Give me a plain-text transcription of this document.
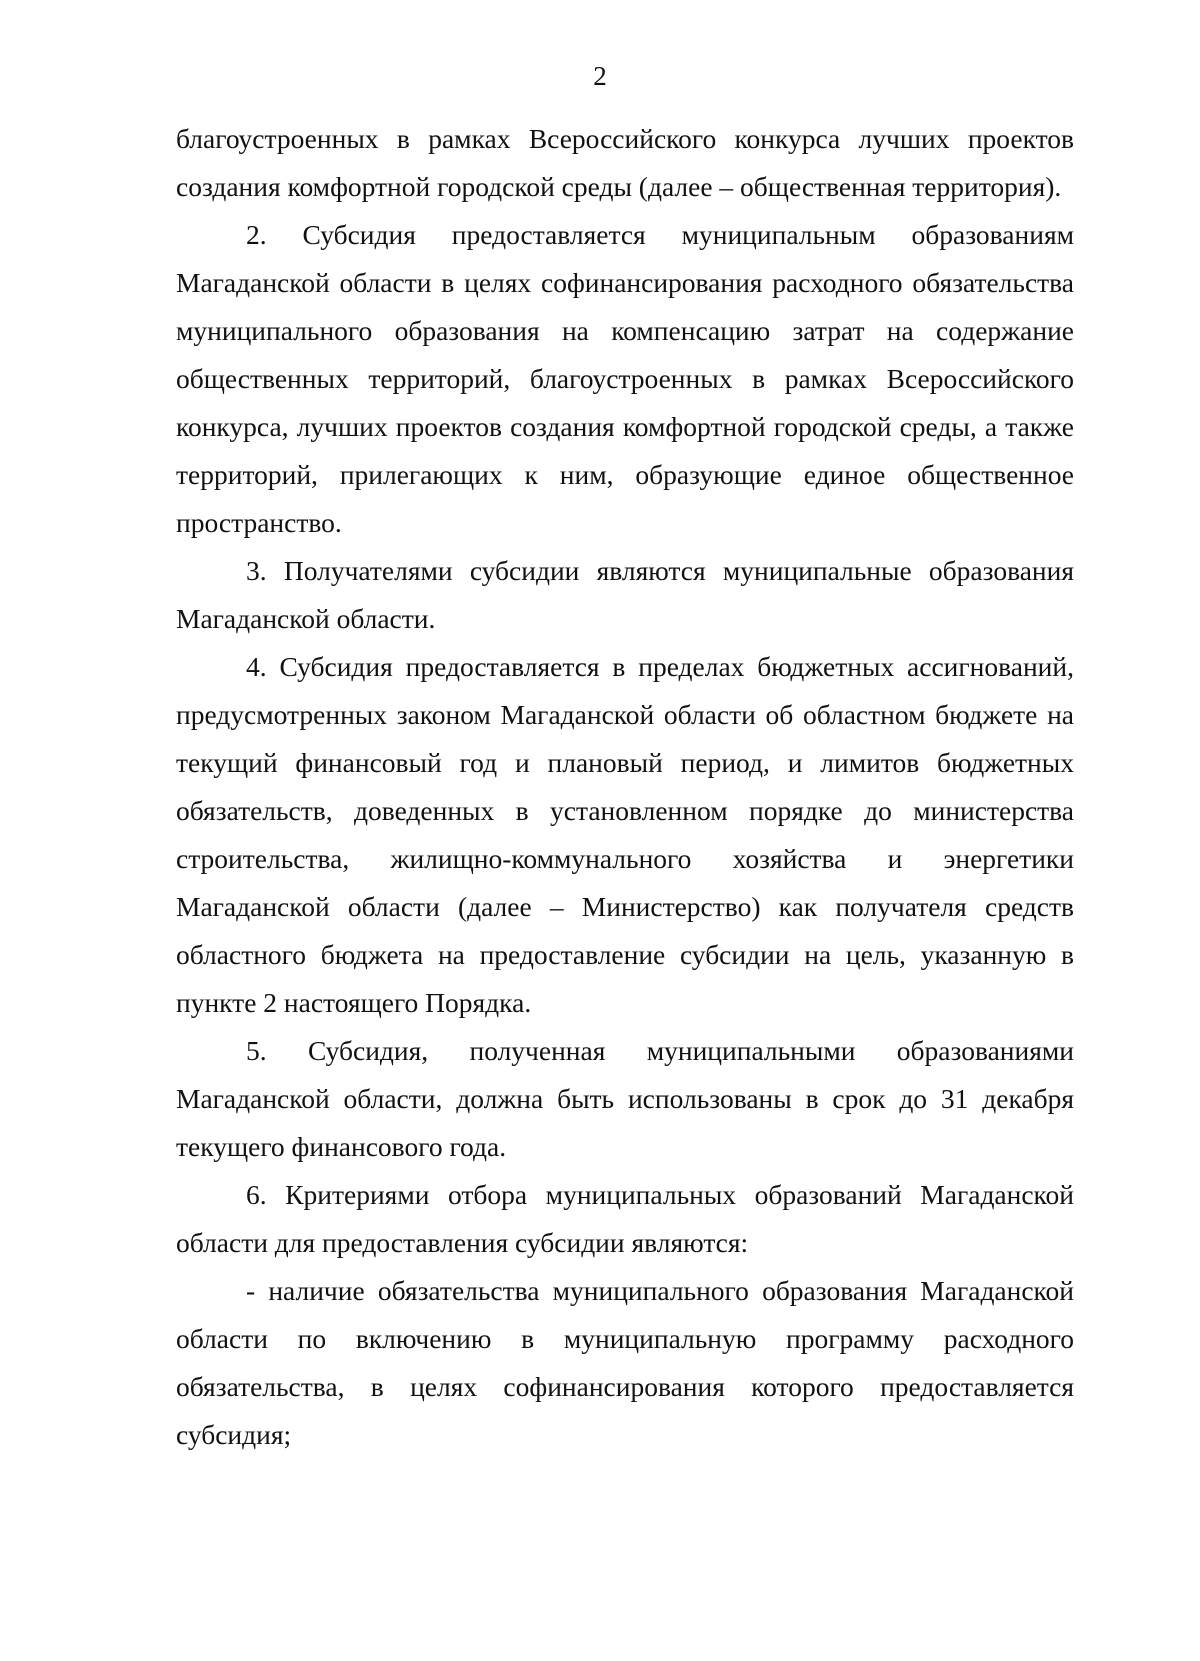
2

благоустроенных в рамках Всероссийского конкурса лучших проектов создания комфортной городской среды (далее – общественная территория).

2. Субсидия предоставляется муниципальным образованиям Магаданской области в целях софинансирования расходного обязательства муниципального образования на компенсацию затрат на содержание общественных территорий, благоустроенных в рамках Всероссийского конкурса, лучших проектов создания комфортной городской среды, а также территорий, прилегающих к ним, образующие единое общественное пространство.

3. Получателями субсидии являются муниципальные образования Магаданской области.

4. Субсидия предоставляется в пределах бюджетных ассигнований, предусмотренных законом Магаданской области об областном бюджете на текущий финансовый год и плановый период, и лимитов бюджетных обязательств, доведенных в установленном порядке до министерства строительства, жилищно-коммунального хозяйства и энергетики Магаданской области (далее – Министерство) как получателя средств областного бюджета на предоставление субсидии на цель, указанную в пункте 2 настоящего Порядка.

5. Субсидия, полученная муниципальными образованиями Магаданской области, должна быть использованы в срок до 31 декабря текущего финансового года.

6. Критериями отбора муниципальных образований Магаданской области для предоставления субсидии являются:

- наличие обязательства муниципального образования Магаданской области по включению в муниципальную программу расходного обязательства, в целях софинансирования которого предоставляется субсидия;
